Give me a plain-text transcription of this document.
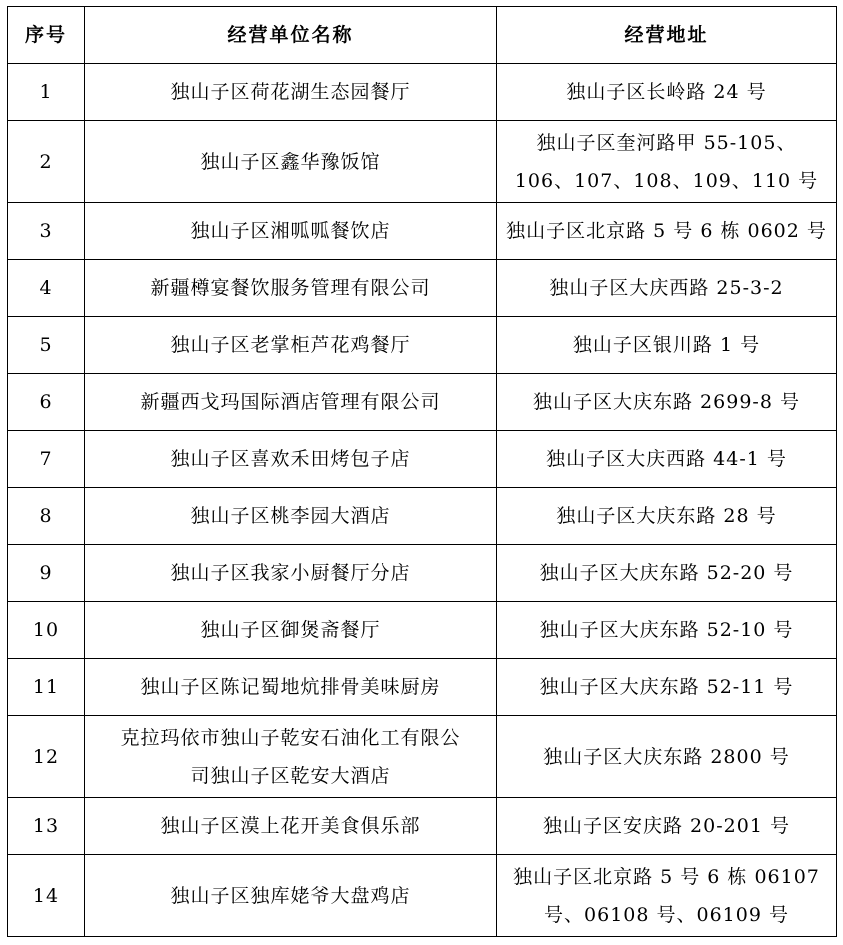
序号	经营单位名称	经营地址
1	独山子区荷花湖生态园餐厅	独山子区长岭路 24 号

2	独山子区鑫华豫饭馆	独山子区奎河路甲 55-105、
106、107、108、109、110 号

3	独山子区湘呱呱餐饮店	独山子区北京路 5 号 6 栋 0602 号

4	新疆樽宴餐饮服务管理有限公司	独山子区大庆西路 25-3-2

5	独山子区老掌柜芦花鸡餐厅	独山子区银川路 1 号

6	新疆西戈玛国际酒店管理有限公司	独山子区大庆东路 2699-8 号

7	独山子区喜欢禾田烤包子店	独山子区大庆西路 44-1 号

8	独山子区桃李园大酒店	独山子区大庆东路 28 号

9	独山子区我家小厨餐厅分店	独山子区大庆东路 52-20 号

10	独山子区御煲斋餐厅	独山子区大庆东路 52-10 号

11	独山子区陈记蜀地炕排骨美味厨房	独山子区大庆东路 52-11 号

12	克拉玛依市独山子乾安石油化工有限公
司独山子区乾安大酒店	独山子区大庆东路 2800 号

13	独山子区漠上花开美食俱乐部	独山子区安庆路 20-201 号

14	独山子区独库姥爷大盘鸡店	独山子区北京路 5 号 6 栋 06107
号、06108 号、06109 号
